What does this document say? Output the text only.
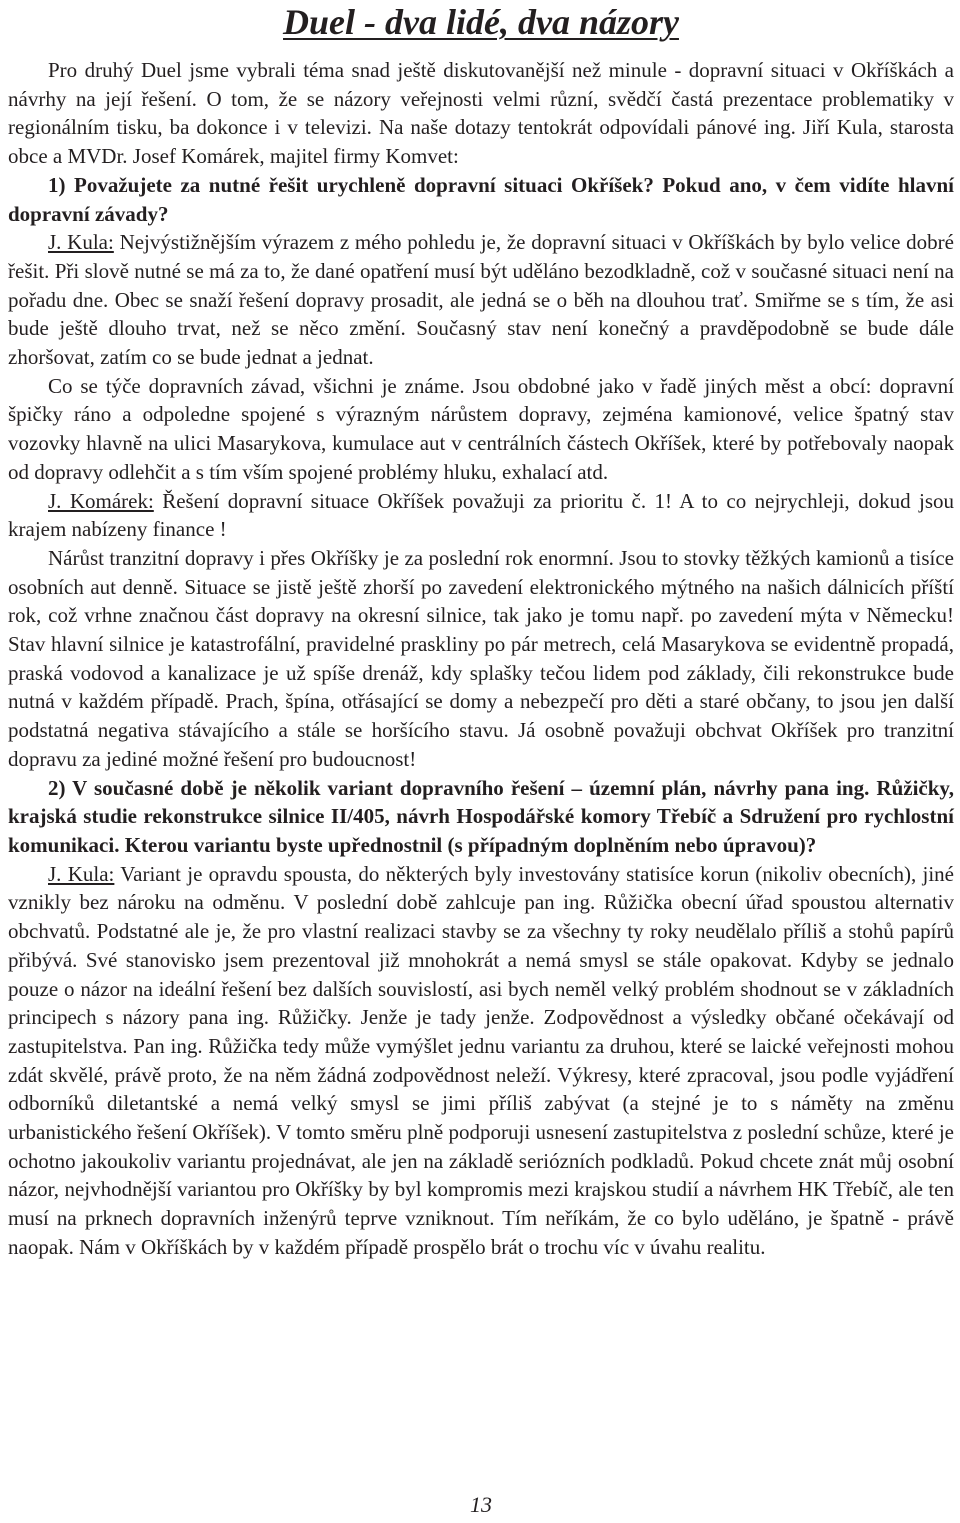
Duel - dva lidé, dva názory

Pro druhý Duel jsme vybrali téma snad ještě diskutovanější než minule - dopravní situaci v Okříškách a návrhy na její řešení. O tom, že se názory veřejnosti velmi různí, svědčí častá prezentace problematiky v regionálním tisku, ba dokonce i v televizi. Na naše dotazy tentokrát odpovídali pánové ing. Jiří Kula, starosta obce a MVDr. Josef Komárek, majitel firmy Komvet:

1) Považujete za nutné řešit urychleně dopravní situaci Okříšek? Pokud ano, v čem vidíte hlavní dopravní závady?

J. Kula: Nejvýstižnějším výrazem z mého pohledu je, že dopravní situaci v Okříškách by bylo velice dobré řešit. Při slově nutné se má za to, že dané opatření musí být uděláno bezodkladně, což v současné situaci není na pořadu dne. Obec se snaží řešení dopravy prosadit, ale jedná se o běh na dlouhou trať. Smiřme se s tím, že asi bude ještě dlouho trvat, než se něco změní. Současný stav není konečný a pravděpodobně se bude dále zhoršovat, zatím co se bude jednat a jednat.

Co se týče dopravních závad, všichni je známe. Jsou obdobné jako v řadě jiných měst a obcí: dopravní špičky ráno a odpoledne spojené s výrazným nárůstem dopravy, zejména kamionové, velice špatný stav vozovky hlavně na ulici Masarykova, kumulace aut v centrálních částech Okříšek, které by potřebovaly naopak od dopravy odlehčit a s tím vším spojené problémy hluku, exhalací atd.

J. Komárek: Řešení dopravní situace Okříšek považuji za prioritu č. 1! A to co nejrychleji, dokud jsou krajem nabízeny finance !

Nárůst tranzitní dopravy i přes Okříšky je za poslední rok enormní. Jsou to stovky těžkých kamionů a tisíce osobních aut denně. Situace se jistě ještě zhorší po zavedení elektronického mýtného na našich dálnicích příští rok, což vrhne značnou část dopravy na okresní silnice, tak jako je tomu např. po zavedení mýta v Německu! Stav hlavní silnice je katastrofální, pravidelné praskliny po pár metrech, celá Masarykova se evidentně propadá, praská vodovod a kanalizace je už spíše drenáž, kdy splašky tečou lidem pod základy, čili rekonstrukce bude nutná v každém případě. Prach, špína, otřásající se domy a nebezpečí pro děti a staré občany, to jsou jen další podstatná negativa stávajícího a stále se horšícího stavu. Já osobně považuji obchvat Okříšek pro tranzitní dopravu za jediné možné řešení pro budoucnost!

2) V současné době je několik variant dopravního řešení – územní plán, návrhy pana ing. Růžičky, krajská studie rekonstrukce silnice II/405, návrh Hospodářské komory Třebíč a Sdružení pro rychlostní komunikaci. Kterou variantu byste upřednostnil (s případným doplněním nebo úpravou)?

J. Kula: Variant je opravdu spousta, do některých byly investovány statisíce korun (nikoliv obecních), jiné vznikly bez nároku na odměnu. V poslední době zahlcuje pan ing. Růžička obecní úřad spoustou alternativ obchvatů. Podstatné ale je, že pro vlastní realizaci stavby se za všechny ty roky neudělalo příliš a stohů papírů přibývá. Své stanovisko jsem prezentoval již mnohokrát a nemá smysl se stále opakovat. Kdyby se jednalo pouze o názor na ideální řešení bez dalších souvislostí, asi bych neměl velký problém shodnout se v základních principech s názory pana ing. Růžičky. Jenže je tady jenže. Zodpovědnost a výsledky občané očekávají od zastupitelstva. Pan ing. Růžička tedy může vymýšlet jednu variantu za druhou, které se laické veřejnosti mohou zdát skvělé, právě proto, že na něm žádná zodpovědnost neleží. Výkresy, které zpracoval, jsou podle vyjádření odborníků diletantské a nemá velký smysl se jimi příliš zabývat (a stejné je to s náměty na změnu urbanistického řešení Okříšek). V tomto směru plně podporuji usnesení zastupitelstva z poslední schůze, které je ochotno jakoukoliv variantu projednávat, ale jen na základě seriózních podkladů. Pokud chcete znát můj osobní názor, nejvhodnější variantou pro Okříšky by byl kompromis mezi krajskou studií a návrhem HK Třebíč, ale ten musí na prknech dopravních inženýrů teprve vzniknout. Tím neříkám, že co bylo uděláno, je špatně - právě naopak. Nám v Okříškách by v každém případě prospělo brát o trochu víc v úvahu realitu.

13
